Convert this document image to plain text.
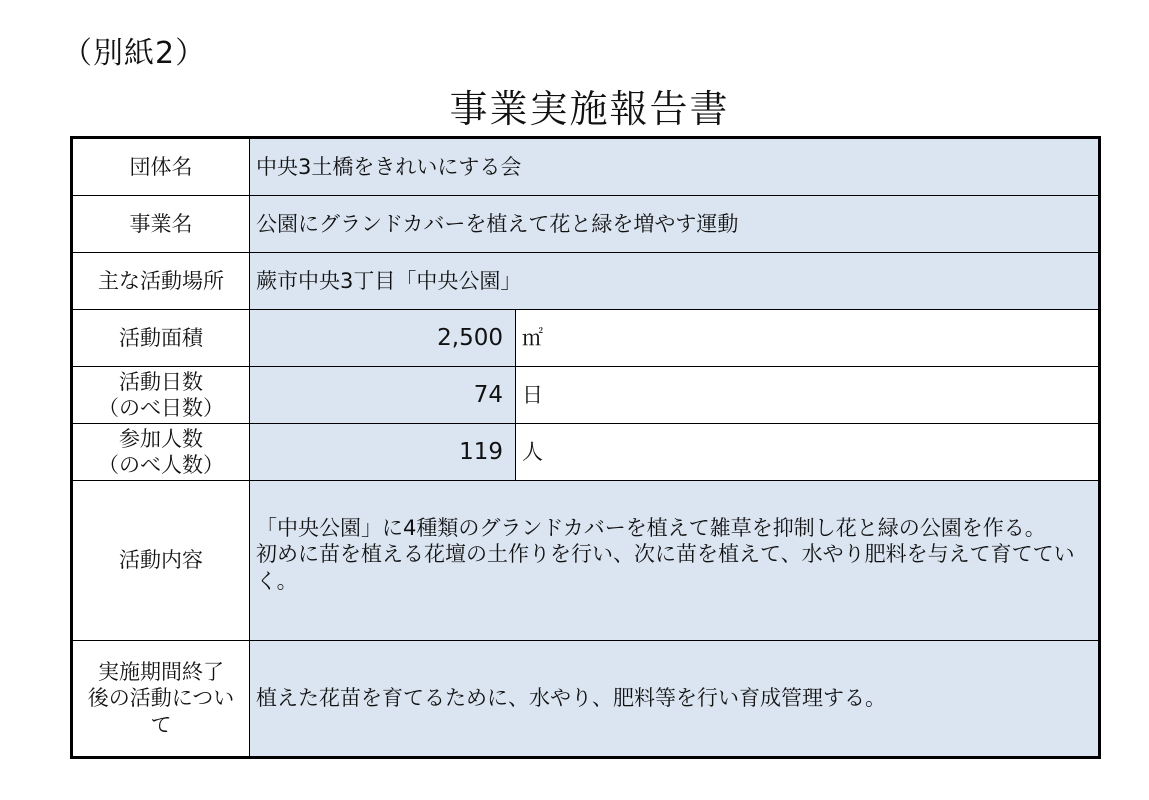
（別紙2）
事業実施報告書
団体名	中央3土橋をきれいにする会	
事業名	公園にグランドカバーを植えて花と緑を増やす運動	
主な活動場所	蕨市中央3丁目「中央公園」	
活動面積	2,500	㎡

活動日数
（のべ日数）	74	日

参加人数
（のべ人数）	119	人
活動内容	「中央公園」に4種類のグランドカバーを植えて雑草を抑制し花と緑の公園を作る。　　初めに苗を植える花壇の土作りを行い、次に苗を植えて、水やり肥料を与えて育てていく。	

実施期間終了
後の活動につい
て	植えた花苗を育てるために、水やり、肥料等を行い育成管理する。	
